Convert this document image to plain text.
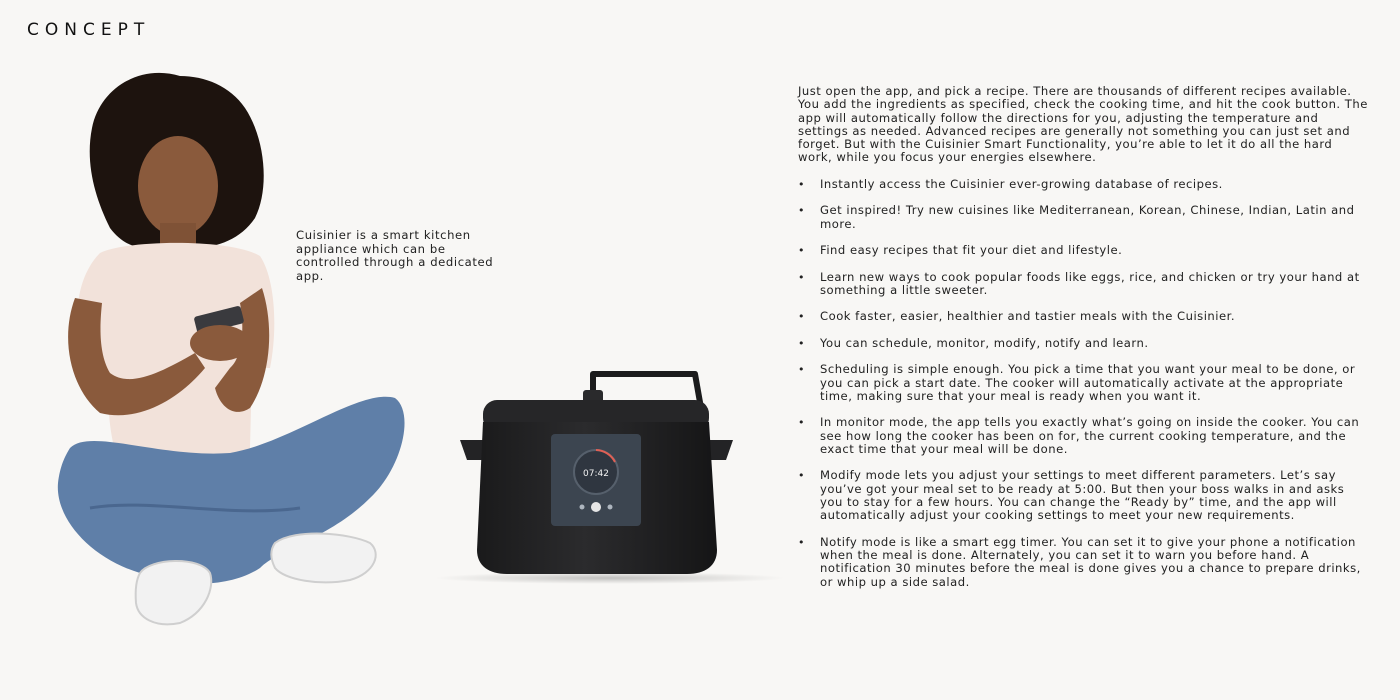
CONCEPT

Cuisinier is a smart kitchen appliance which can be controlled through a dedicated app.

07:42

Just open the app, and pick a recipe. There are thousands of different recipes available. You add the ingredients as specified, check the cooking time, and hit the cook button. The app will automatically follow the directions for you, adjusting the temperature and settings as needed. Advanced recipes are generally not something you can just set and forget. But with the Cuisinier Smart Functionality, you’re able to let it do all the hard work, while you focus your energies elsewhere.

• Instantly access the Cuisinier ever-growing database of recipes.
• Get inspired! Try new cuisines like Mediterranean, Korean, Chinese, Indian, Latin and more.
• Find easy recipes that fit your diet and lifestyle.
• Learn new ways to cook popular foods like eggs, rice, and chicken or try your hand at something a little sweeter.
• Cook faster, easier, healthier and tastier meals with the Cuisinier.
• You can schedule, monitor, modify, notify and learn.
• Scheduling is simple enough. You pick a time that you want your meal to be done, or you can pick a start date. The cooker will automatically activate at the appropriate time, making sure that your meal is ready when you want it.
• In monitor mode, the app tells you exactly what’s going on inside the cooker. You can see how long the cooker has been on for, the current cooking temperature, and the exact time that your meal will be done.
• Modify mode lets you adjust your settings to meet different parameters. Let’s say you’ve got your meal set to be ready at 5:00. But then your boss walks in and asks you to stay for a few hours. You can change the “Ready by” time, and the app will automatically adjust your cooking settings to meet your new requirements.
• Notify mode is like a smart egg timer. You can set it to give your phone a notification when the meal is done. Alternately, you can set it to warn you before hand. A notification 30 minutes before the meal is done gives you a chance to prepare drinks, or whip up a side salad.
